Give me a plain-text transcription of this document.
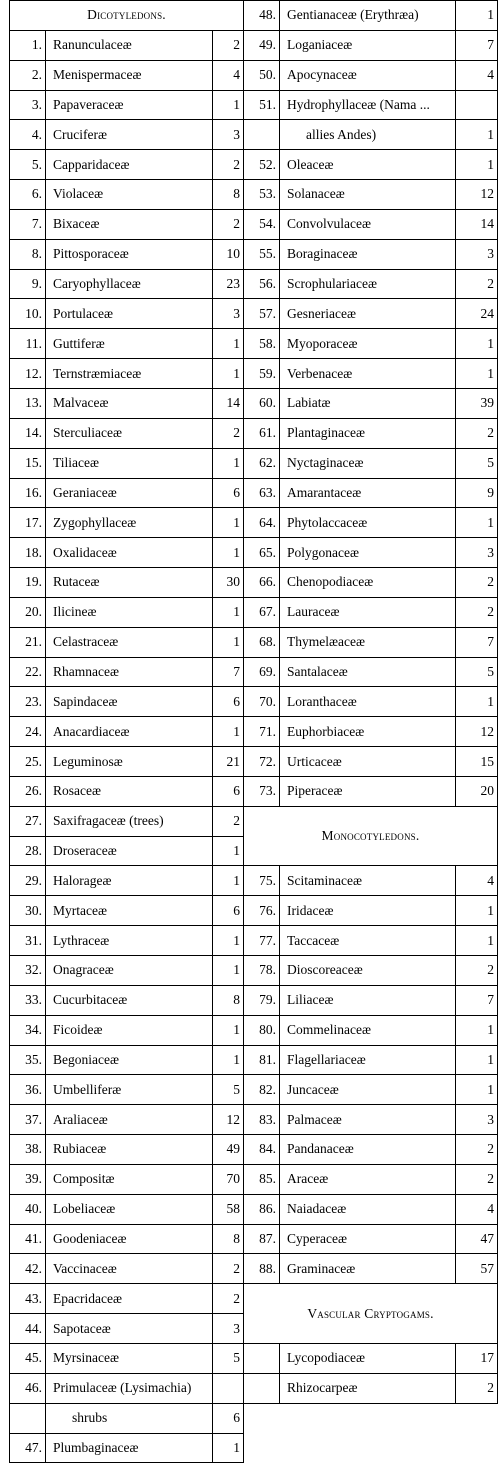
Dicotyledons.			48.	Gentianaceæ (Erythræa)	1
1.	Ranunculaceæ	2	49.	Loganiaceæ	7
2.	Menispermaceæ	4	50.	Apocynaceæ	4
3.	Papaveraceæ	1	51.	Hydrophyllaceæ (Nama ...	
4.	Cruciferæ	3		allies Andes)	1
5.	Capparidaceæ	2	52.	Oleaceæ	1
6.	Violaceæ	8	53.	Solanaceæ	12
7.	Bixaceæ	2	54.	Convolvulaceæ	14
8.	Pittosporaceæ	10	55.	Boraginaceæ	3
9.	Caryophyllaceæ	23	56.	Scrophulariaceæ	2
10.	Portulaceæ	3	57.	Gesneriaceæ	24
11.	Guttiferæ	1	58.	Myoporaceæ	1
12.	Ternstræmiaceæ	1	59.	Verbenaceæ	1
13.	Malvaceæ	14	60.	Labiatæ	39
14.	Sterculiaceæ	2	61.	Plantaginaceæ	2
15.	Tiliaceæ	1	62.	Nyctaginaceæ	5
16.	Geraniaceæ	6	63.	Amarantaceæ	9
17.	Zygophyllaceæ	1	64.	Phytolaccaceæ	1
18.	Oxalidaceæ	1	65.	Polygonaceæ	3
19.	Rutaceæ	30	66.	Chenopodiaceæ	2
20.	Ilicineæ	1	67.	Lauraceæ	2
21.	Celastraceæ	1	68.	Thymelæaceæ	7
22.	Rhamnaceæ	7	69.	Santalaceæ	5
23.	Sapindaceæ	6	70.	Loranthaceæ	1
24.	Anacardiaceæ	1	71.	Euphorbiaceæ	12
25.	Leguminosæ	21	72.	Urticaceæ	15
26.	Rosaceæ	6	73.	Piperaceæ	20
27.	Saxifragaceæ (trees)	2	Monocotyledons.		
28.	Droseraceæ	1			
29.	Halorageæ	1	75.	Scitaminaceæ	4
30.	Myrtaceæ	6	76.	Iridaceæ	1
31.	Lythraceæ	1	77.	Taccaceæ	1
32.	Onagraceæ	1	78.	Dioscoreaceæ	2
33.	Cucurbitaceæ	8	79.	Liliaceæ	7
34.	Ficoideæ	1	80.	Commelinaceæ	1
35.	Begoniaceæ	1	81.	Flagellariaceæ	1
36.	Umbelliferæ	5	82.	Juncaceæ	1
37.	Araliaceæ	12	83.	Palmaceæ	3
38.	Rubiaceæ	49	84.	Pandanaceæ	2
39.	Compositæ	70	85.	Araceæ	2
40.	Lobeliaceæ	58	86.	Naiadaceæ	4
41.	Goodeniaceæ	8	87.	Cyperaceæ	47
42.	Vaccinaceæ	2	88.	Graminaceæ	57
43.	Epacridaceæ	2	Vascular Cryptogams.		
44.	Sapotaceæ	3			
45.	Myrsinaceæ	5		Lycopodiaceæ	17
46.	Primulaceæ (Lysimachia)			Rhizocarpeæ	2
	shrubs	6			
47.	Plumbaginaceæ	1			
